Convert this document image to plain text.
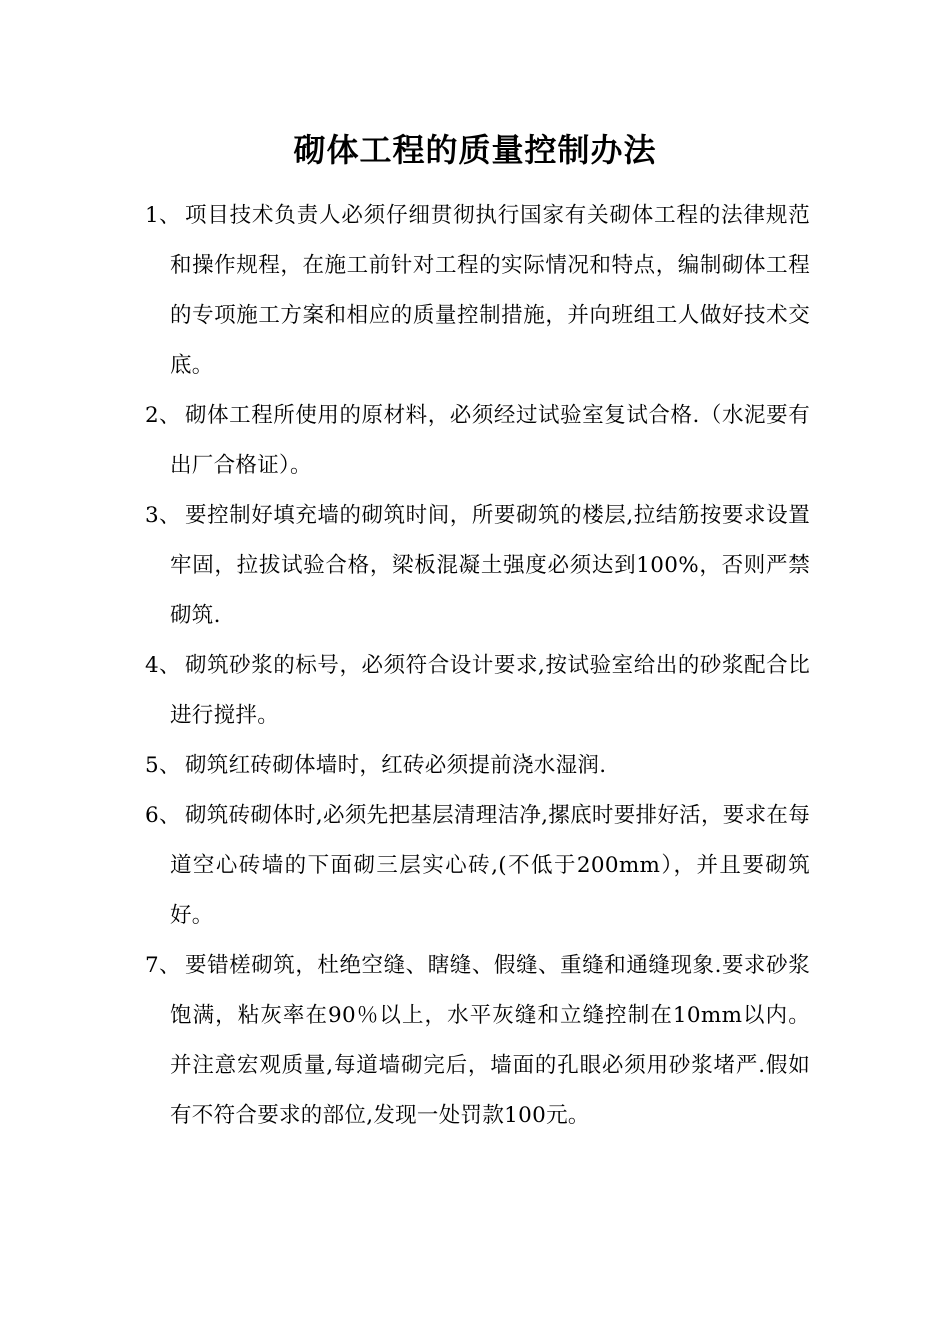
砌体工程的质量控制办法
1、 项目技术负责人必须仔细贯彻执行国家有关砌体工程的法律规范和操作规程，在施工前针对工程的实际情况和特点，编制砌体工程的专项施工方案和相应的质量控制措施，并向班组工人做好技术交底。
2、 砌体工程所使用的原材料，必须经过试验室复试合格.（水泥要有出厂合格证）。
3、 要控制好填充墙的砌筑时间，所要砌筑的楼层,拉结筋按要求设置牢固，拉拔试验合格，梁板混凝土强度必须达到100%，否则严禁砌筑.
4、 砌筑砂浆的标号，必须符合设计要求,按试验室给出的砂浆配合比进行搅拌。
5、 砌筑红砖砌体墙时，红砖必须提前浇水湿润.
6、 砌筑砖砌体时,必须先把基层清理洁净,摞底时要排好活，要求在每道空心砖墙的下面砌三层实心砖,(不低于200mm），并且要砌筑好。
7、 要错槎砌筑，杜绝空缝、瞎缝、假缝、重缝和通缝现象.要求砂浆饱满，粘灰率在90％以上，水平灰缝和立缝控制在10mm以内。并注意宏观质量,每道墙砌完后，墙面的孔眼必须用砂浆堵严.假如有不符合要求的部位,发现一处罚款100元。
